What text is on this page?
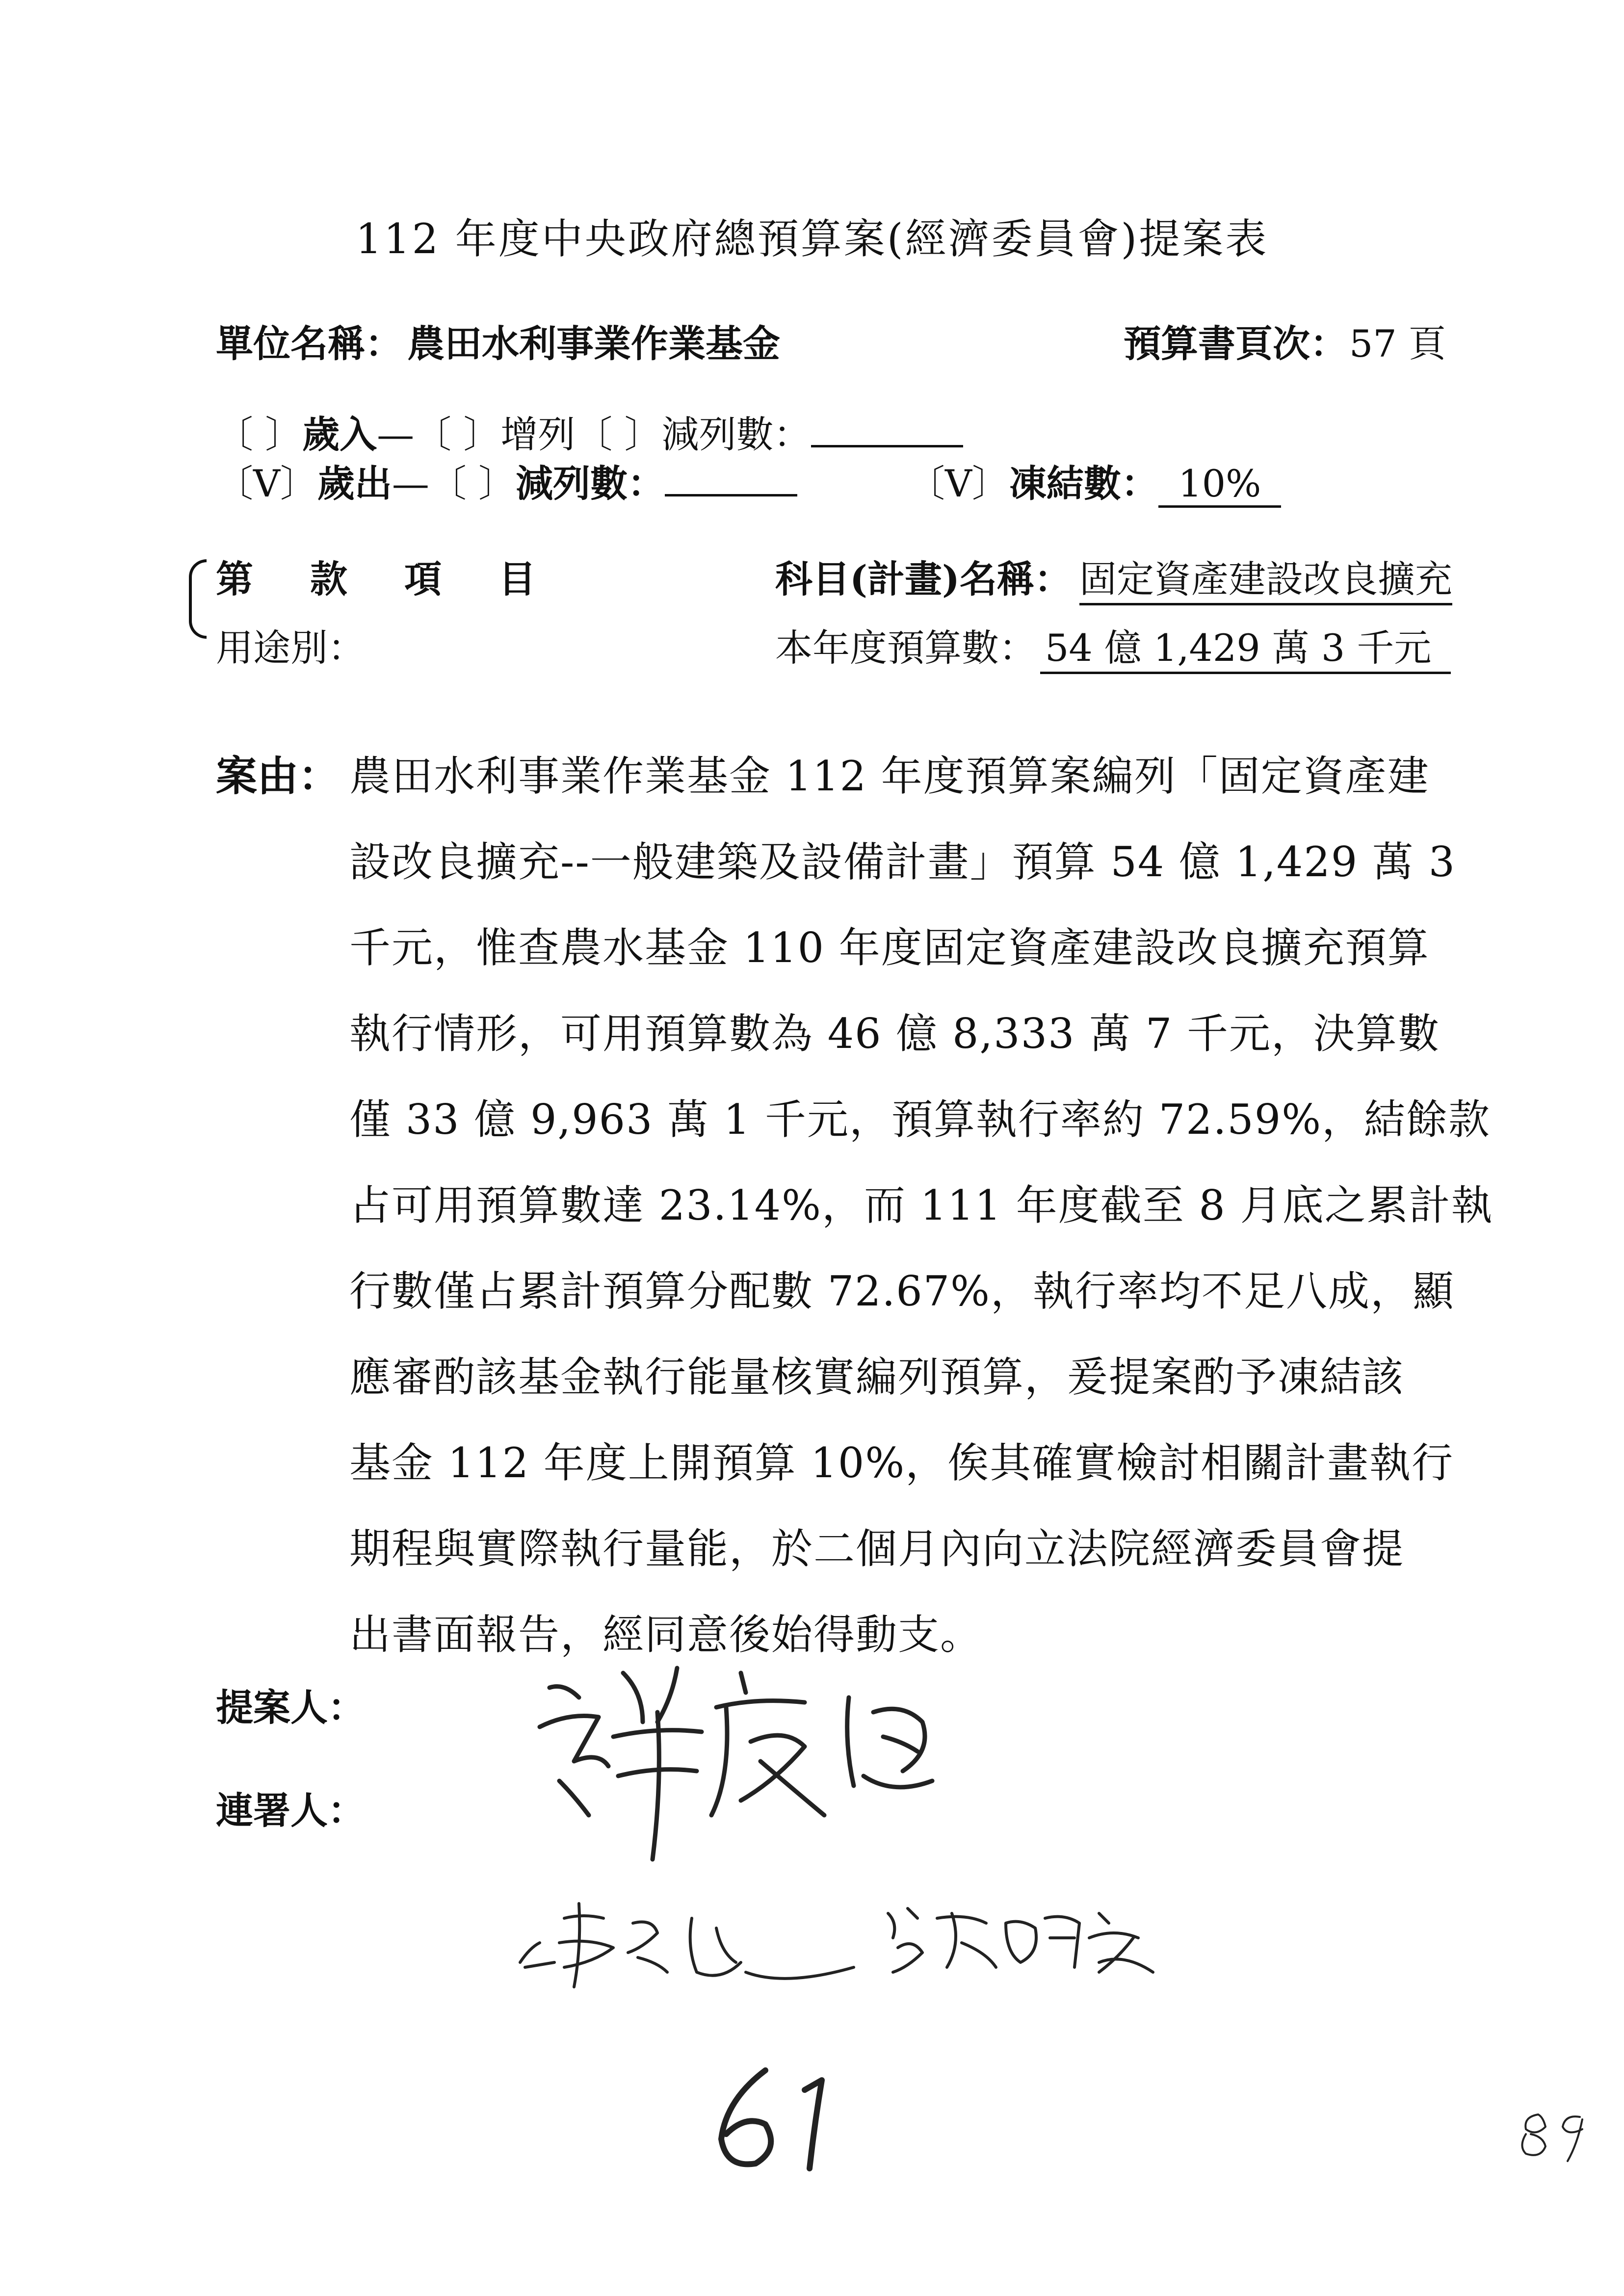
112 年度中央政府總預算案(經濟委員會)提案表
單位名稱： 農田水利事業作業基金	預算書頁次： 57 頁
〔 〕歲入—〔 〕增列〔 〕減列數：
〔V〕歲出—〔 〕減列數：	〔V〕凍結數： 10%
第　款　項　目
用途別：
科目(計畫)名稱： 固定資產建設改良擴充
本年度預算數： 54 億 1,429 萬 3 千元
案由： 農田水利事業作業基金 112 年度預算案編列「固定資產建
設改良擴充--一般建築及設備計畫」預算 54 億 1,429 萬 3
千元，惟查農水基金 110 年度固定資產建設改良擴充預算
執行情形，可用預算數為 46 億 8,333 萬 7 千元，決算數
僅 33 億 9,963 萬 1 千元，預算執行率約 72.59%，結餘款
占可用預算數達 23.14%，而 111 年度截至 8 月底之累計執
行數僅占累計預算分配數 72.67%，執行率均不足八成，顯
應審酌該基金執行能量核實編列預算，爰提案酌予凍結該
基金 112 年度上開預算 10%，俟其確實檢討相關計畫執行
期程與實際執行量能，於二個月內向立法院經濟委員會提
出書面報告，經同意後始得動支。
提案人：
連署人：
